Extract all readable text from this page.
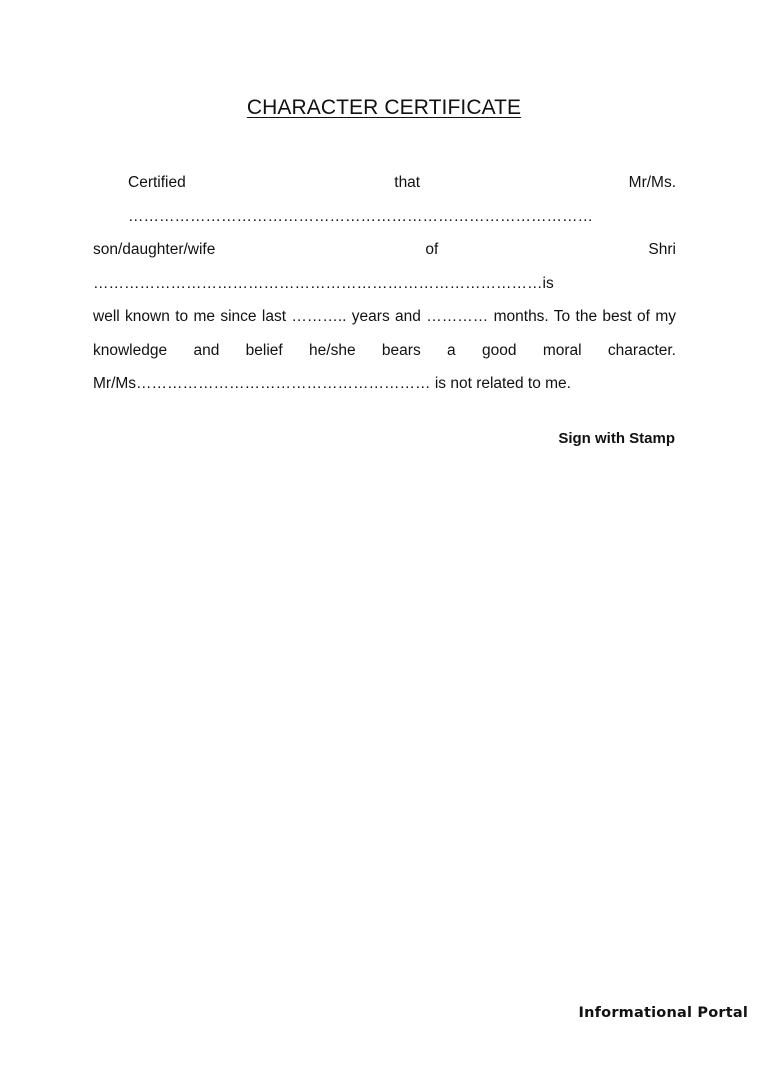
CHARACTER CERTIFICATE
Certified that Mr/Ms. ………………………………………………………………………………
son/daughter/wife of Shri ……………………………………………………………………………is
well known to me since last ……….. years and ………… months. To the best of my
knowledge and belief he/she bears a good moral character.
Mr/Ms………………………………………………… is not related to me.
Sign with Stamp
Informational Portal
